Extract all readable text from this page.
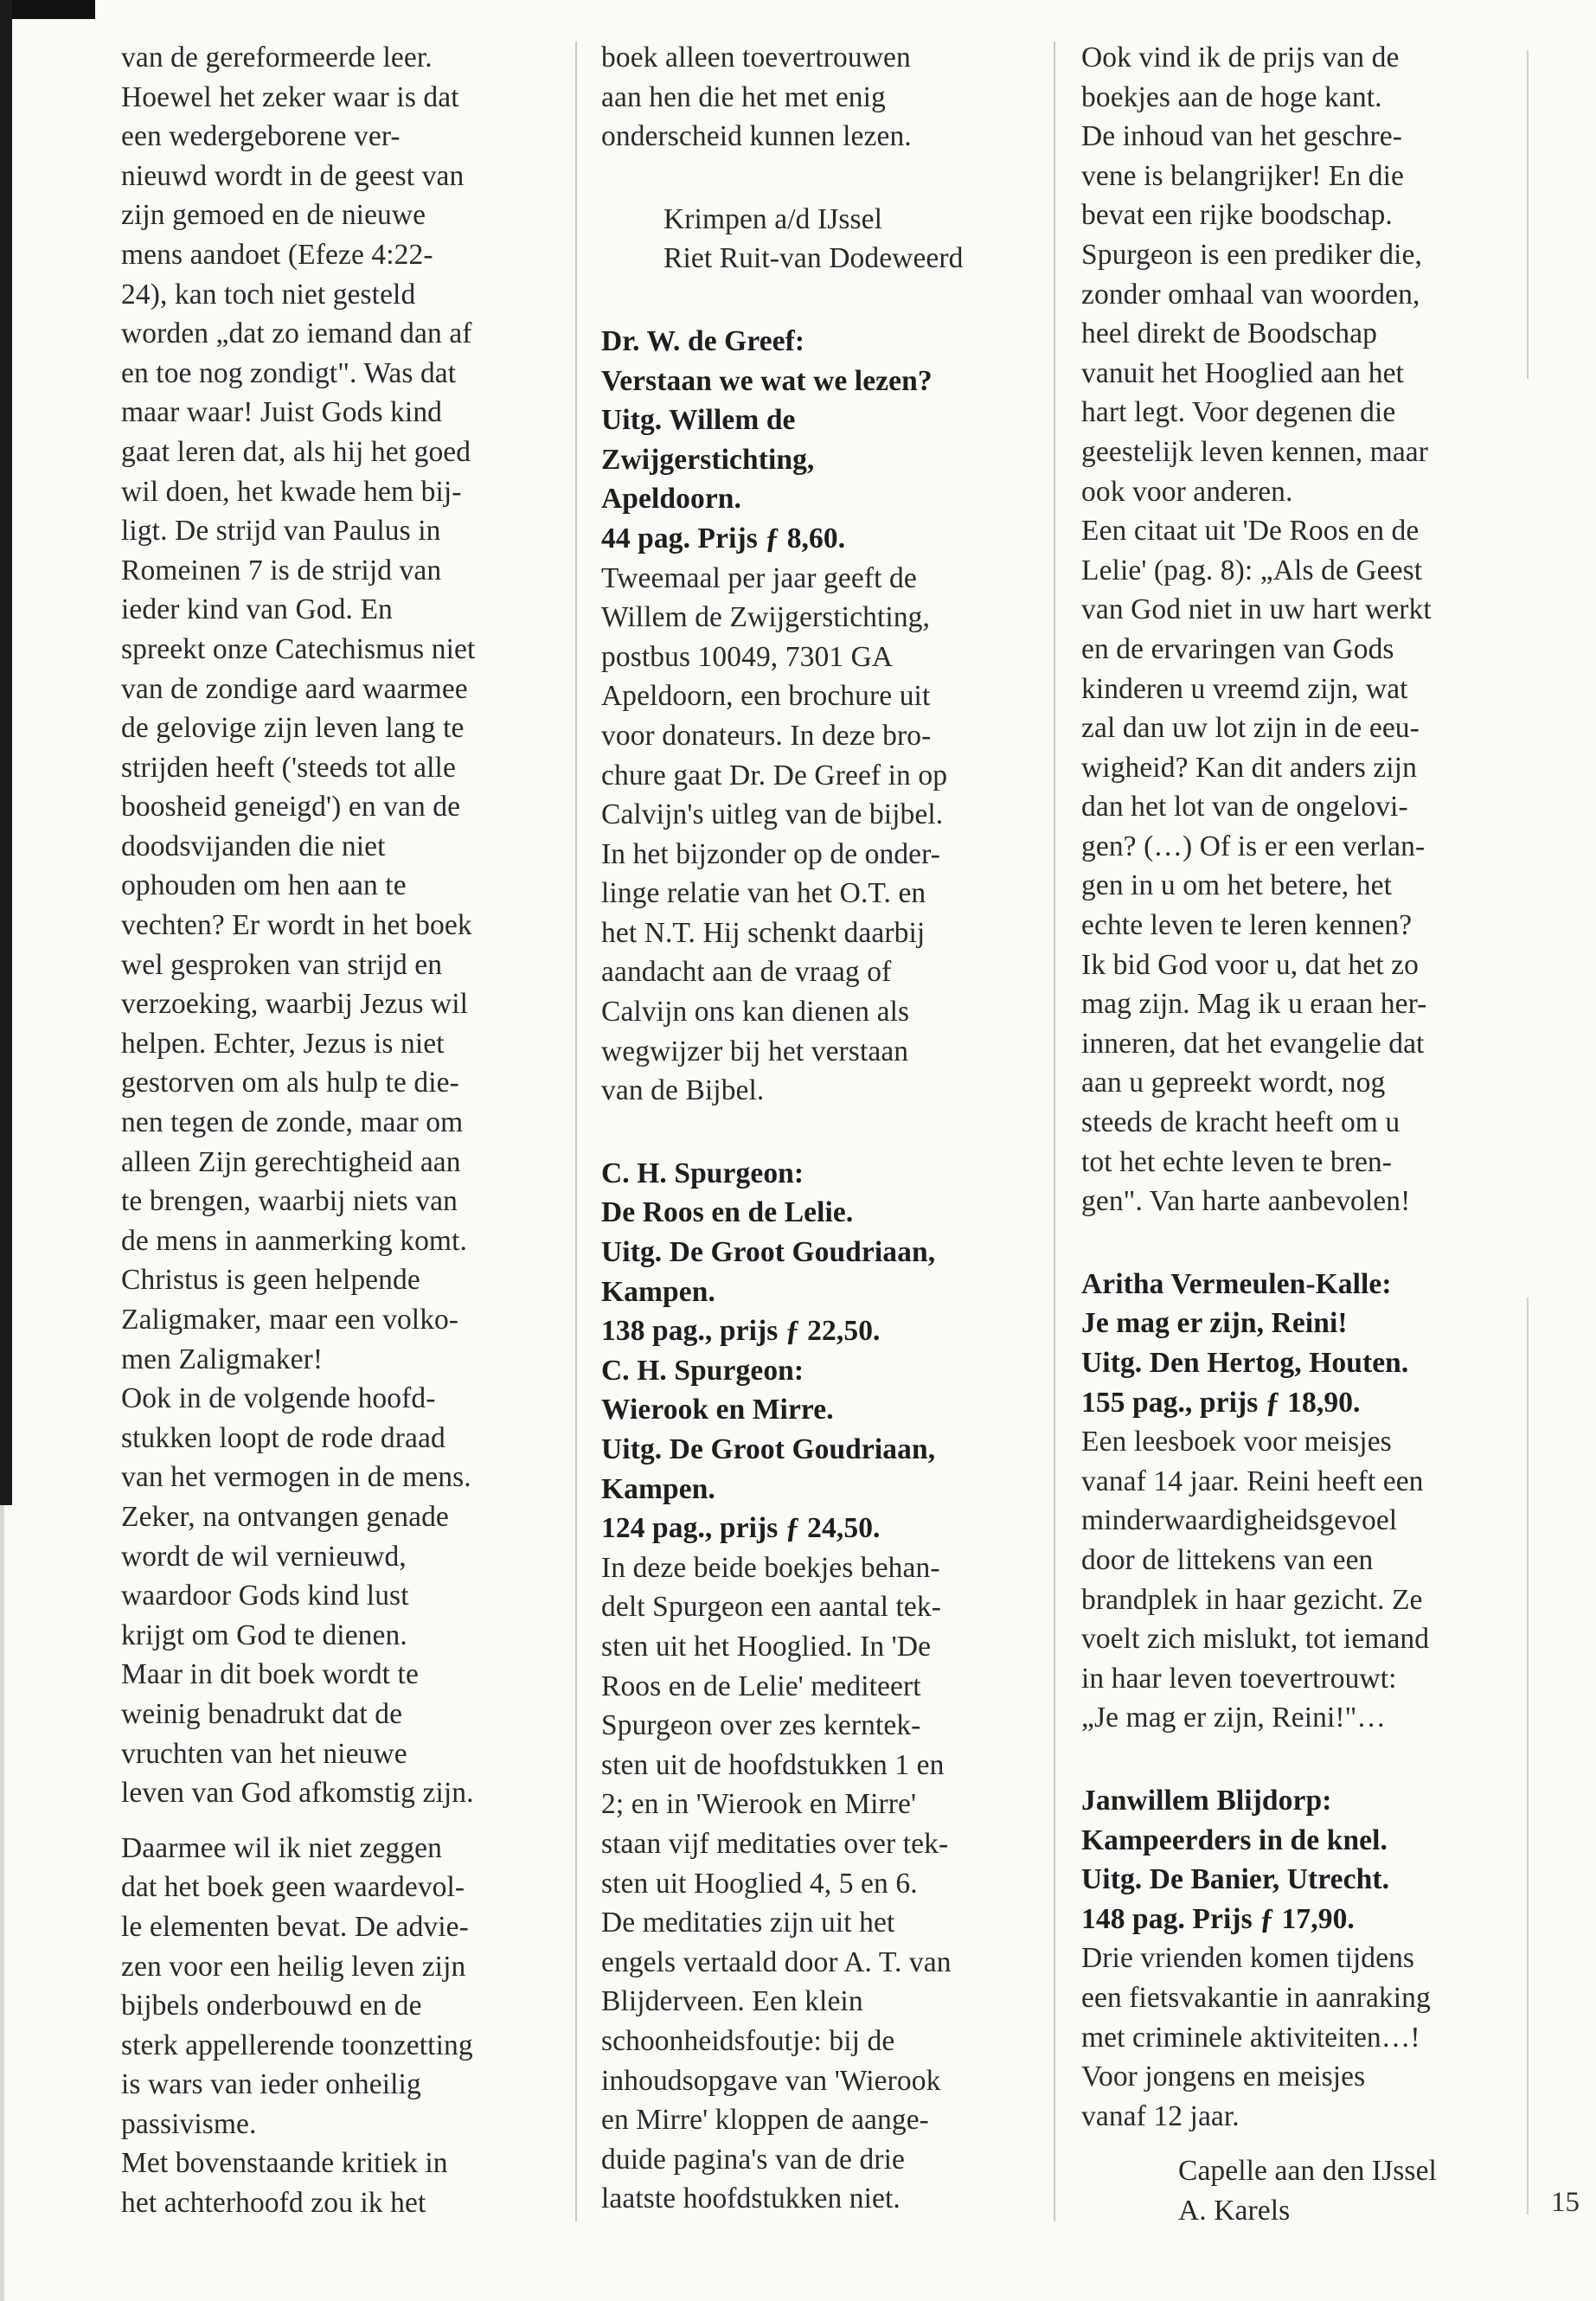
van de gereformeerde leer.

Hoewel het zeker waar is dat

een wedergeborene ver-

nieuwd wordt in de geest van

zijn gemoed en de nieuwe

mens aandoet (Efeze 4:22-

24), kan toch niet gesteld

worden „dat zo iemand dan af

en toe nog zondigt". Was dat

maar waar! Juist Gods kind

gaat leren dat, als hij het goed

wil doen, het kwade hem bij-

ligt. De strijd van Paulus in

Romeinen 7 is de strijd van

ieder kind van God. En

spreekt onze Catechismus niet

van de zondige aard waarmee

de gelovige zijn leven lang te

strijden heeft ('steeds tot alle

boosheid geneigd') en van de

doodsvijanden die niet

ophouden om hen aan te

vechten? Er wordt in het boek

wel gesproken van strijd en

verzoeking, waarbij Jezus wil

helpen. Echter, Jezus is niet

gestorven om als hulp te die-

nen tegen de zonde, maar om

alleen Zijn gerechtigheid aan

te brengen, waarbij niets van

de mens in aanmerking komt.

Christus is geen helpende

Zaligmaker, maar een volko-

men Zaligmaker!

Ook in de volgende hoofd-

stukken loopt de rode draad

van het vermogen in de mens.

Zeker, na ontvangen genade

wordt de wil vernieuwd,

waardoor Gods kind lust

krijgt om God te dienen.

Maar in dit boek wordt te

weinig benadrukt dat de

vruchten van het nieuwe

leven van God afkomstig zijn.

Daarmee wil ik niet zeggen

dat het boek geen waardevol-

le elementen bevat. De advie-

zen voor een heilig leven zijn

bijbels onderbouwd en de

sterk appellerende toonzetting

is wars van ieder onheilig

passivisme.

Met bovenstaande kritiek in

het achterhoofd zou ik het

boek alleen toevertrouwen

aan hen die het met enig

onderscheid kunnen lezen.

Krimpen a/d IJssel

Riet Ruit-van Dodeweerd

Dr. W. de Greef:

Verstaan we wat we lezen?

Uitg. Willem de

Zwijgerstichting,

Apeldoorn.

44 pag. Prijs ƒ 8,60.

Tweemaal per jaar geeft de

Willem de Zwijgerstichting,

postbus 10049, 7301 GA

Apeldoorn, een brochure uit

voor donateurs. In deze bro-

chure gaat Dr. De Greef in op

Calvijn's uitleg van de bijbel.

In het bijzonder op de onder-

linge relatie van het O.T. en

het N.T. Hij schenkt daarbij

aandacht aan de vraag of

Calvijn ons kan dienen als

wegwijzer bij het verstaan

van de Bijbel.

C. H. Spurgeon:

De Roos en de Lelie.

Uitg. De Groot Goudriaan,

Kampen.

138 pag., prijs ƒ 22,50.

C. H. Spurgeon:

Wierook en Mirre.

Uitg. De Groot Goudriaan,

Kampen.

124 pag., prijs ƒ 24,50.

In deze beide boekjes behan-

delt Spurgeon een aantal tek-

sten uit het Hooglied. In 'De

Roos en de Lelie' mediteert

Spurgeon over zes kerntek-

sten uit de hoofdstukken 1 en

2; en in 'Wierook en Mirre'

staan vijf meditaties over tek-

sten uit Hooglied 4, 5 en 6.

De meditaties zijn uit het

engels vertaald door A. T. van

Blijderveen. Een klein

schoonheidsfoutje: bij de

inhoudsopgave van 'Wierook

en Mirre' kloppen de aange-

duide pagina's van de drie

laatste hoofdstukken niet.

Ook vind ik de prijs van de

boekjes aan de hoge kant.

De inhoud van het geschre-

vene is belangrijker! En die

bevat een rijke boodschap.

Spurgeon is een prediker die,

zonder omhaal van woorden,

heel direkt de Boodschap

vanuit het Hooglied aan het

hart legt. Voor degenen die

geestelijk leven kennen, maar

ook voor anderen.

Een citaat uit 'De Roos en de

Lelie' (pag. 8): „Als de Geest

van God niet in uw hart werkt

en de ervaringen van Gods

kinderen u vreemd zijn, wat

zal dan uw lot zijn in de eeu-

wigheid? Kan dit anders zijn

dan het lot van de ongelovi-

gen? (…) Of is er een verlan-

gen in u om het betere, het

echte leven te leren kennen?

Ik bid God voor u, dat het zo

mag zijn. Mag ik u eraan her-

inneren, dat het evangelie dat

aan u gepreekt wordt, nog

steeds de kracht heeft om u

tot het echte leven te bren-

gen". Van harte aanbevolen!

Aritha Vermeulen-Kalle:

Je mag er zijn, Reini!

Uitg. Den Hertog, Houten.

155 pag., prijs ƒ 18,90.

Een leesboek voor meisjes

vanaf 14 jaar. Reini heeft een

minderwaardigheidsgevoel

door de littekens van een

brandplek in haar gezicht. Ze

voelt zich mislukt, tot iemand

in haar leven toevertrouwt:

„Je mag er zijn, Reini!"…

Janwillem Blijdorp:

Kampeerders in de knel.

Uitg. De Banier, Utrecht.

148 pag. Prijs ƒ 17,90.

Drie vrienden komen tijdens

een fietsvakantie in aanraking

met criminele aktiviteiten…!

Voor jongens en meisjes

vanaf 12 jaar.

Capelle aan den IJssel

A. Karels	15
